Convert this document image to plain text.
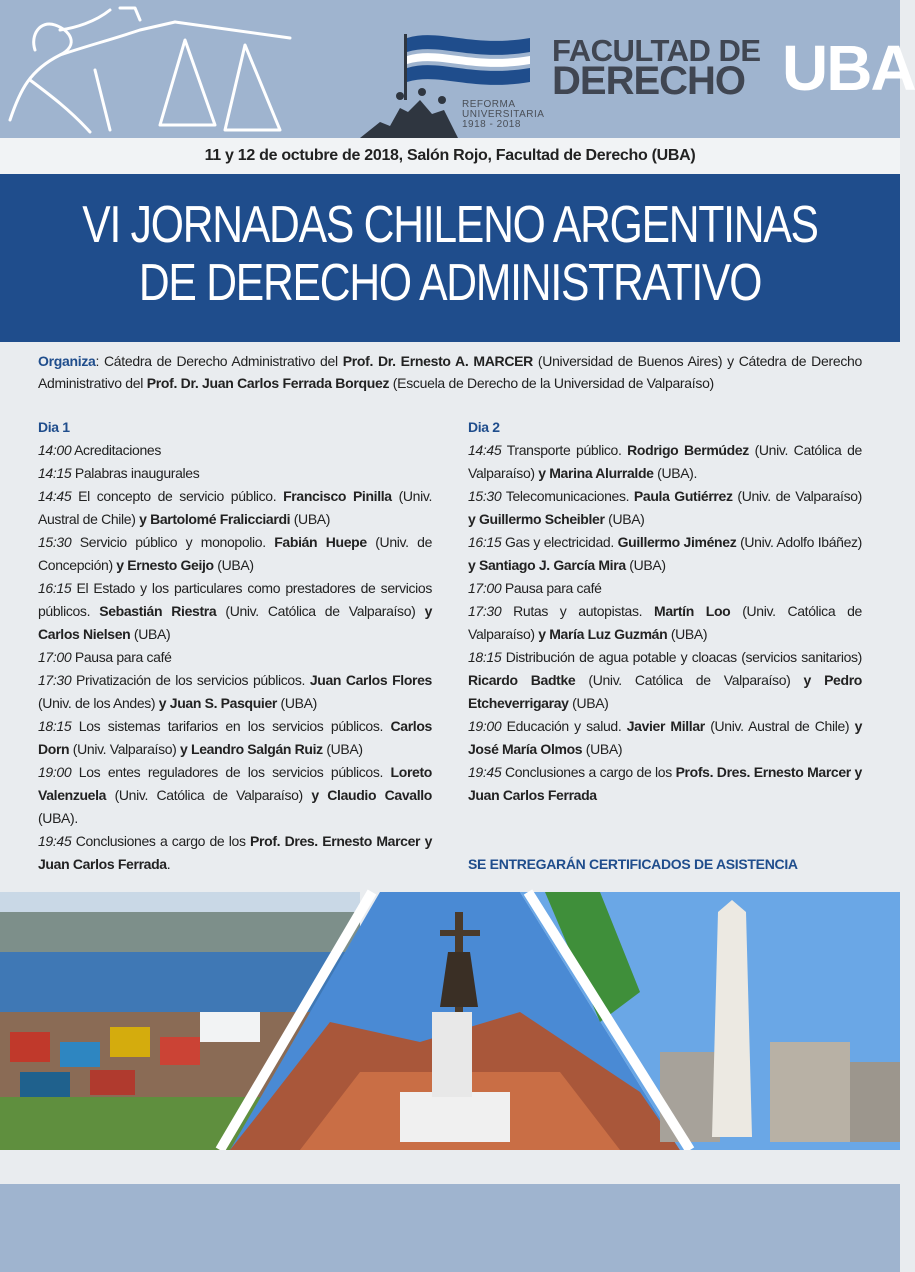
REFORMA
UNIVERSITARIA
1918 - 2018
FACULTAD DE
DERECHO UBA
11 y 12 de octubre de 2018, Salón Rojo, Facultad de Derecho (UBA)
VI JORNADAS CHILENO ARGENTINAS
DE DERECHO ADMINISTRATIVO
Organiza: Cátedra de Derecho Administrativo del Prof. Dr. Ernesto A. MARCER (Universidad de Buenos Aires) y Cátedra de Derecho Administrativo del Prof. Dr. Juan Carlos Ferrada Borquez (Escuela de Derecho de la Universidad de Valparaíso)
Dia 1
14:00 Acreditaciones
14:15 Palabras inaugurales
14:45 El concepto de servicio público. Francisco Pinilla (Univ. Austral de Chile) y Bartolomé Fralicciardi (UBA)
15:30 Servicio público y monopolio. Fabián Huepe (Univ. de Concepción) y Ernesto Geijo (UBA)
16:15 El Estado y los particulares como prestadores de servicios públicos. Sebastián Riestra (Univ. Católica de Valparaíso) y Carlos Nielsen (UBA)
17:00 Pausa para café
17:30 Privatización de los servicios públicos. Juan Carlos Flores (Univ. de los Andes) y Juan S. Pasquier (UBA)
18:15 Los sistemas tarifarios en los servicios públicos. Carlos Dorn (Univ. Valparaíso) y Leandro Salgán Ruiz (UBA)
19:00 Los entes reguladores de los servicios públicos. Loreto Valenzuela (Univ. Católica de Valparaíso) y Claudio Cavallo (UBA).
19:45 Conclusiones a cargo de los Prof. Dres. Ernesto Marcer y Juan Carlos Ferrada.
Dia 2
14:45 Transporte público. Rodrigo Bermúdez (Univ. Católica de Valparaíso) y Marina Alurralde (UBA).
15:30 Telecomunicaciones. Paula Gutiérrez (Univ. de Valparaíso) y Guillermo Scheibler (UBA)
16:15 Gas y electricidad. Guillermo Jiménez (Univ. Adolfo Ibáñez) y Santiago J. García Mira (UBA)
17:00 Pausa para café
17:30 Rutas y autopistas. Martín Loo (Univ. Católica de Valparaíso) y María Luz Guzmán (UBA)
18:15 Distribución de agua potable y cloacas (servicios sanitarios) Ricardo Badtke (Univ. Católica de Valparaíso) y Pedro Etcheverrigaray (UBA)
19:00 Educación y salud. Javier Millar (Univ. Austral de Chile) y José María Olmos (UBA)
19:45 Conclusiones a cargo de los Profs. Dres. Ernesto Marcer y Juan Carlos Ferrada
SE ENTREGARÁN CERTIFICADOS DE ASISTENCIA
